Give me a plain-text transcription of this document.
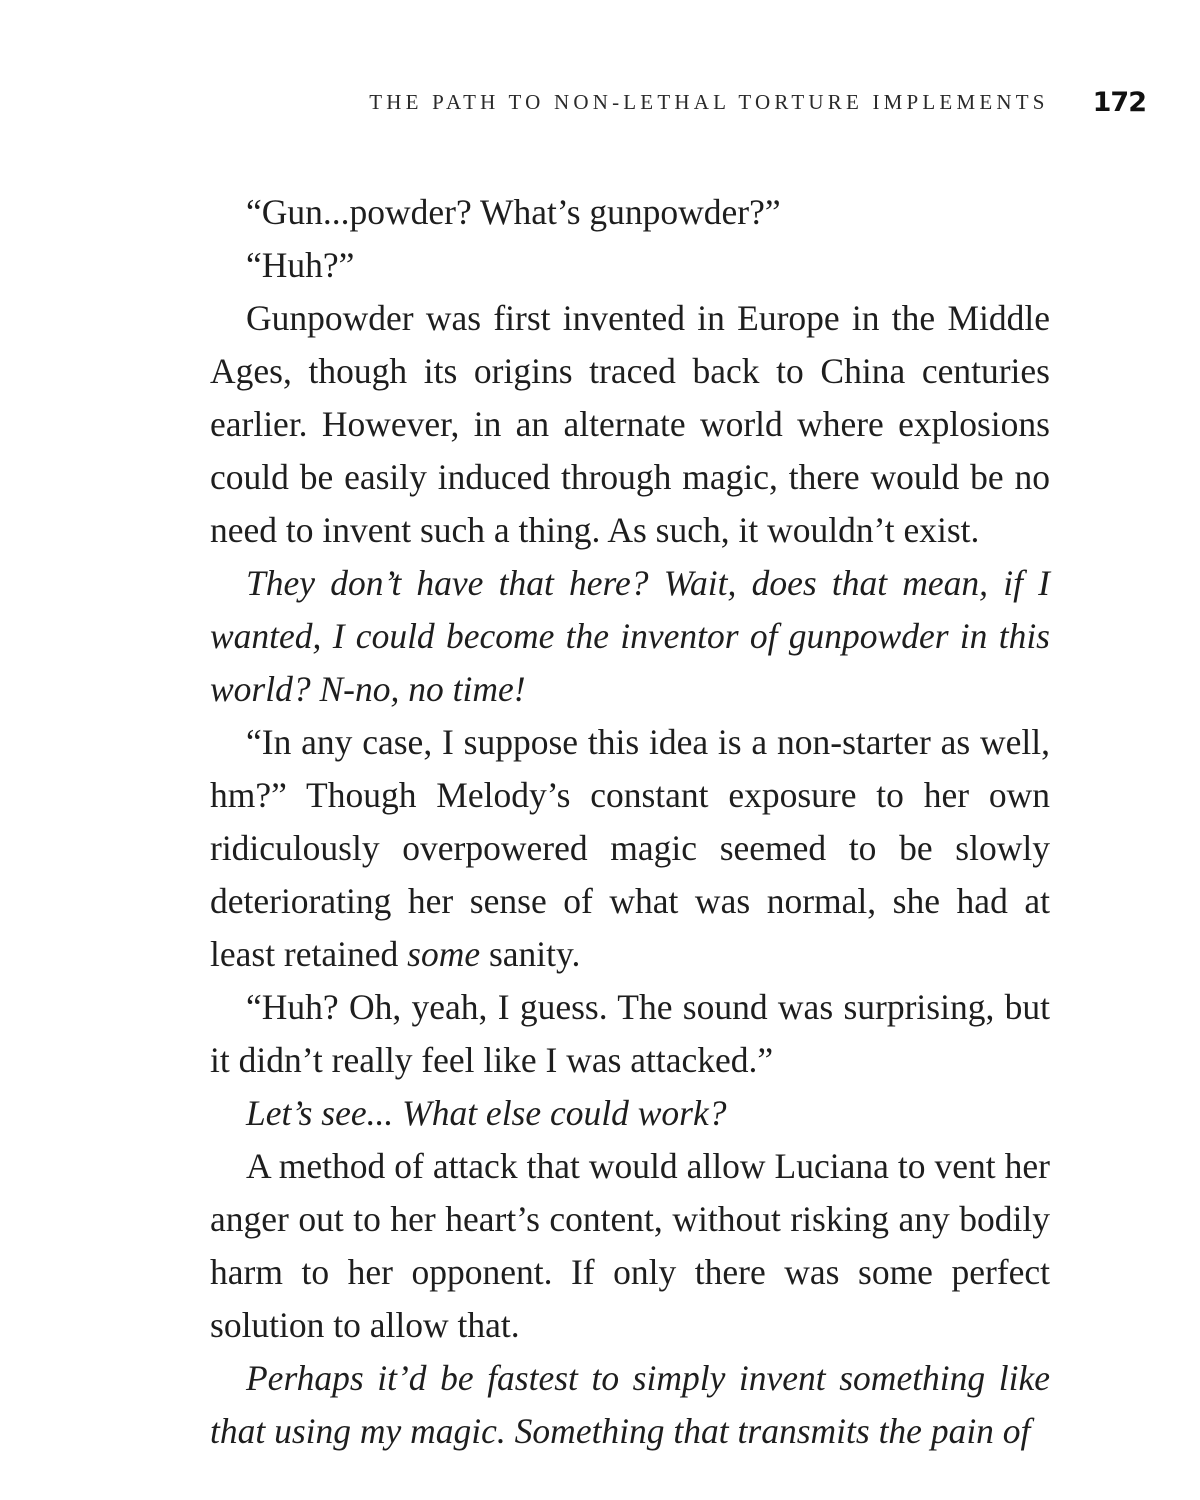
THE PATH TO NON-LETHAL TORTURE IMPLEMENTS 172

“Gun...powder? What’s gunpowder?”

“Huh?”

Gunpowder was first invented in Europe in the Middle Ages, though its origins traced back to China centuries earlier. However, in an alternate world where explosions could be easily induced through magic, there would be no need to invent such a thing. As such, it wouldn’t exist.

They don’t have that here? Wait, does that mean, if I wanted, I could become the inventor of gunpowder in this world? N-no, no time!

“In any case, I suppose this idea is a non-starter as well, hm?” Though Melody’s constant exposure to her own ridiculously overpowered magic seemed to be slowly deteriorating her sense of what was normal, she had at least retained some sanity.

“Huh? Oh, yeah, I guess. The sound was surprising, but it didn’t really feel like I was attacked.”

Let’s see... What else could work?

A method of attack that would allow Luciana to vent her anger out to her heart’s content, without risking any bodily harm to her opponent. If only there was some perfect solution to allow that.

Perhaps it’d be fastest to simply invent something like that using my magic. Something that transmits the pain of
